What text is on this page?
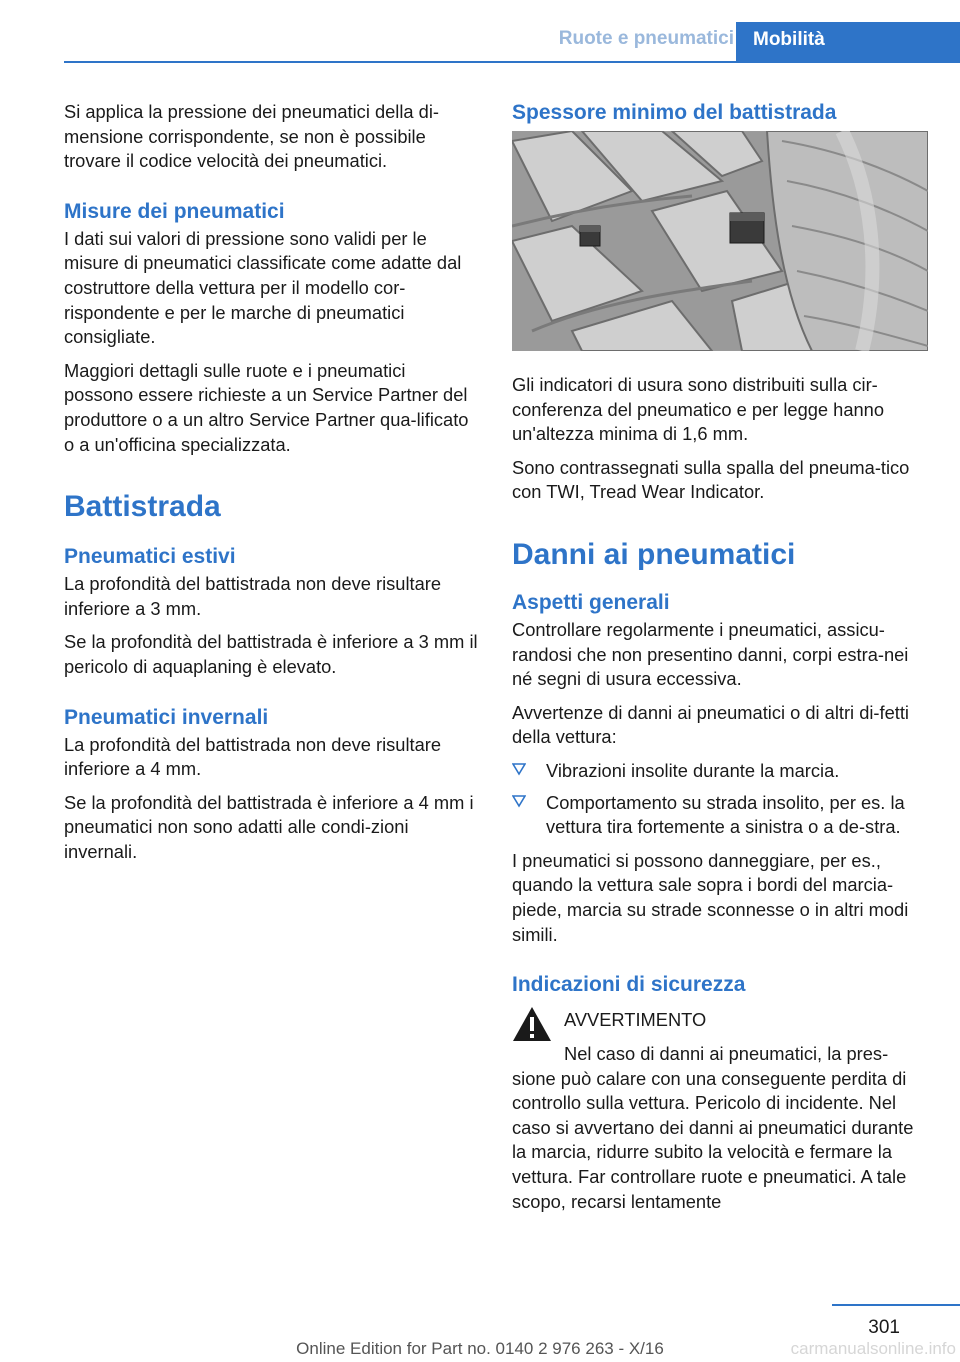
Ruote e pneumatici	Mobilità

Si applica la pressione dei pneumatici della di-mensione corrispondente, se non è possibile trovare il codice velocità dei pneumatici.

Misure dei pneumatici

I dati sui valori di pressione sono validi per le misure di pneumatici classificate come adatte dal costruttore della vettura per il modello cor-rispondente e per le marche di pneumatici consigliate.

Maggiori dettagli sulle ruote e i pneumatici possono essere richieste a un Service Partner del produttore o a un altro Service Partner qua-lificato o a un'officina specializzata.

Battistrada
Pneumatici estivi

La profondità del battistrada non deve risultare inferiore a 3 mm.

Se la profondità del battistrada è inferiore a 3 mm il pericolo di aquaplaning è elevato.

Pneumatici invernali

La profondità del battistrada non deve risultare inferiore a 4 mm.

Se la profondità del battistrada è inferiore a 4 mm i pneumatici non sono adatti alle condi-zioni invernali.

Spessore minimo del battistrada

Gli indicatori di usura sono distribuiti sulla cir-conferenza del pneumatico e per legge hanno un'altezza minima di 1,6 mm.

Sono contrassegnati sulla spalla del pneuma-tico con TWI, Tread Wear Indicator.

Danni ai pneumatici
Aspetti generali

Controllare regolarmente i pneumatici, assicu-randosi che non presentino danni, corpi estra-nei né segni di usura eccessiva.

Avvertenze di danni ai pneumatici o di altri di-fetti della vettura:

Vibrazioni insolite durante la marcia.
Comportamento su strada insolito, per es. la vettura tira fortemente a sinistra o a de-stra.

I pneumatici si possono danneggiare, per es., quando la vettura sale sopra i bordi del marcia-piede, marcia su strade sconnesse o in altri modi simili.

Indicazioni di sicurezza
AVVERTIMENTO

Nel caso di danni ai pneumatici, la pres-sione può calare con una conseguente perdita di controllo sulla vettura. Pericolo di incidente. Nel caso si avvertano dei danni ai pneumatici durante la marcia, ridurre subito la velocità e fermare la vettura. Far controllare ruote e pneumatici. A tale scopo, recarsi lentamente

301
Online Edition for Part no. 0140 2 976 263 - X/16	carmanualsonline.info
